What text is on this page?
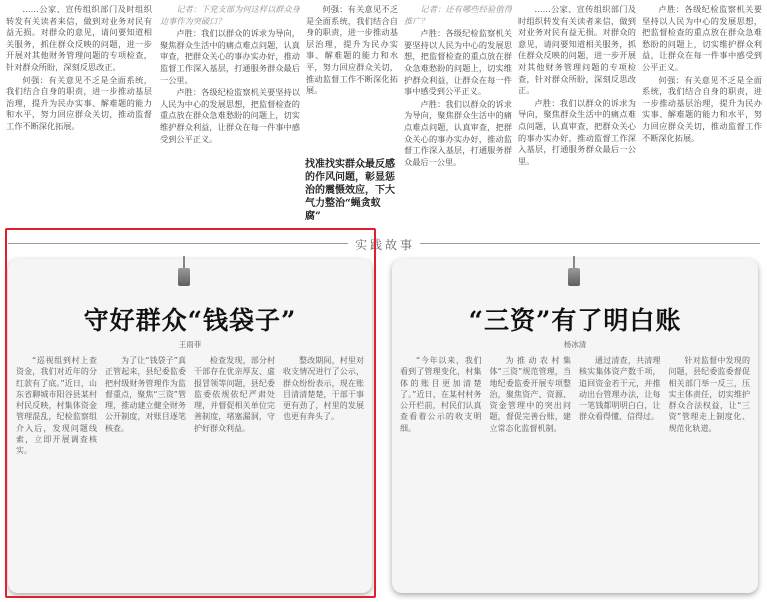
……公家、宣传组织部门及时组织转发有关读者来信，做到对业务对民有益无损。对群众的意见，请问要知道相关服务，抓住群众反映的问题，进一步开展对其他财务管理问题的专项检查，针对群众所盼，深刻反思改正。

何强：有关意见不乏是全面系统，我们结合自身的职责，进一步推动基层治理，提升为民办实事、解难题的能力和水平，努力回应群众关切，推动监督工作不断深化拓展。

记者：下党支部为何这样以群众身边事作为突破口？

卢胜：我们以群众的诉求为导向，聚焦群众生活中的痛点难点问题，认真审查，把群众关心的事办实办好，推动监督工作深入基层，打通服务群众最后一公里。

卢胜：各级纪检监察机关要坚持以人民为中心的发展思想，把监督检查的重点放在群众急难愁盼的问题上，切实维护群众利益，让群众在每一件事中感受到公平正义。

何强：有关意见不乏是全面系统，我们结合自身的职责，进一步推动基层治理，提升为民办实事、解难题的能力和水平，努力回应群众关切，推动监督工作不断深化拓展。

找准找实群众最反感的作风问题，彰显惩治的震慑效应，下大气力整治“蝇贪蚁腐”

记者：还有哪些经验值得推广？

卢胜：各级纪检监察机关要坚持以人民为中心的发展思想，把监督检查的重点放在群众急难愁盼的问题上，切实维护群众利益，让群众在每一件事中感受到公平正义。

卢胜：我们以群众的诉求为导向，聚焦群众生活中的痛点难点问题，认真审查，把群众关心的事办实办好，推动监督工作深入基层，打通服务群众最后一公里。

……公家、宣传组织部门及时组织转发有关读者来信，做到对业务对民有益无损。对群众的意见，请问要知道相关服务，抓住群众反映的问题，进一步开展对其他财务管理问题的专项检查，针对群众所盼，深刻反思改正。

卢胜：我们以群众的诉求为导向，聚焦群众生活中的痛点难点问题，认真审查，把群众关心的事办实办好，推动监督工作深入基层，打通服务群众最后一公里。

卢胜：各级纪检监察机关要坚持以人民为中心的发展思想，把监督检查的重点放在群众急难愁盼的问题上，切实维护群众利益，让群众在每一件事中感受到公平正义。

何强：有关意见不乏是全面系统，我们结合自身的职责，进一步推动基层治理，提升为民办实事、解难题的能力和水平，努力回应群众关切，推动监督工作不断深化拓展。

实践故事
守好群众“钱袋子”
王雨菲

“巡视组到村上查资金，我们对近年的分红款有了底。”近日，山东省聊城市阳谷县某村村民反映，村集体资金管理混乱，纪检监察组介入后，发现问题线索，立即开展调查核实。

为了让“钱袋子”真正管起来，县纪委监委把村级财务管理作为监督重点，聚焦“三资”管理，推动建立健全财务公开制度，对账目逐笔核查。

检查发现，部分村干部存在优亲厚友、虚报冒领等问题，县纪委监委依规依纪严肃处理，并督促相关单位完善制度，堵塞漏洞，守护好群众利益。

整改期间，村里对收支情况进行了公示，群众纷纷表示，现在账目清清楚楚，干部干事更有劲了，村里的发展也更有奔头了。

“三资”有了明白账
杨冰清

“今年以来，我们看到了管理变化，村集体的账目更加清楚了。”近日，在某村村务公开栏前，村民们认真查看着公示的收支明细。

为推动农村集体“三资”规范管理，当地纪委监委开展专项整治，聚焦资产、资源、资金管理中的突出问题，督促完善台账，建立常态化监督机制。

通过清查，共清理核实集体资产数千项，追回资金若干元，并推动出台管理办法，让每一笔钱都明明白白，让群众看得懂、信得过。

针对监督中发现的问题，县纪委监委督促相关部门举一反三，压实主体责任，切实维护群众合法权益，让“三资”管理走上制度化、规范化轨道。
